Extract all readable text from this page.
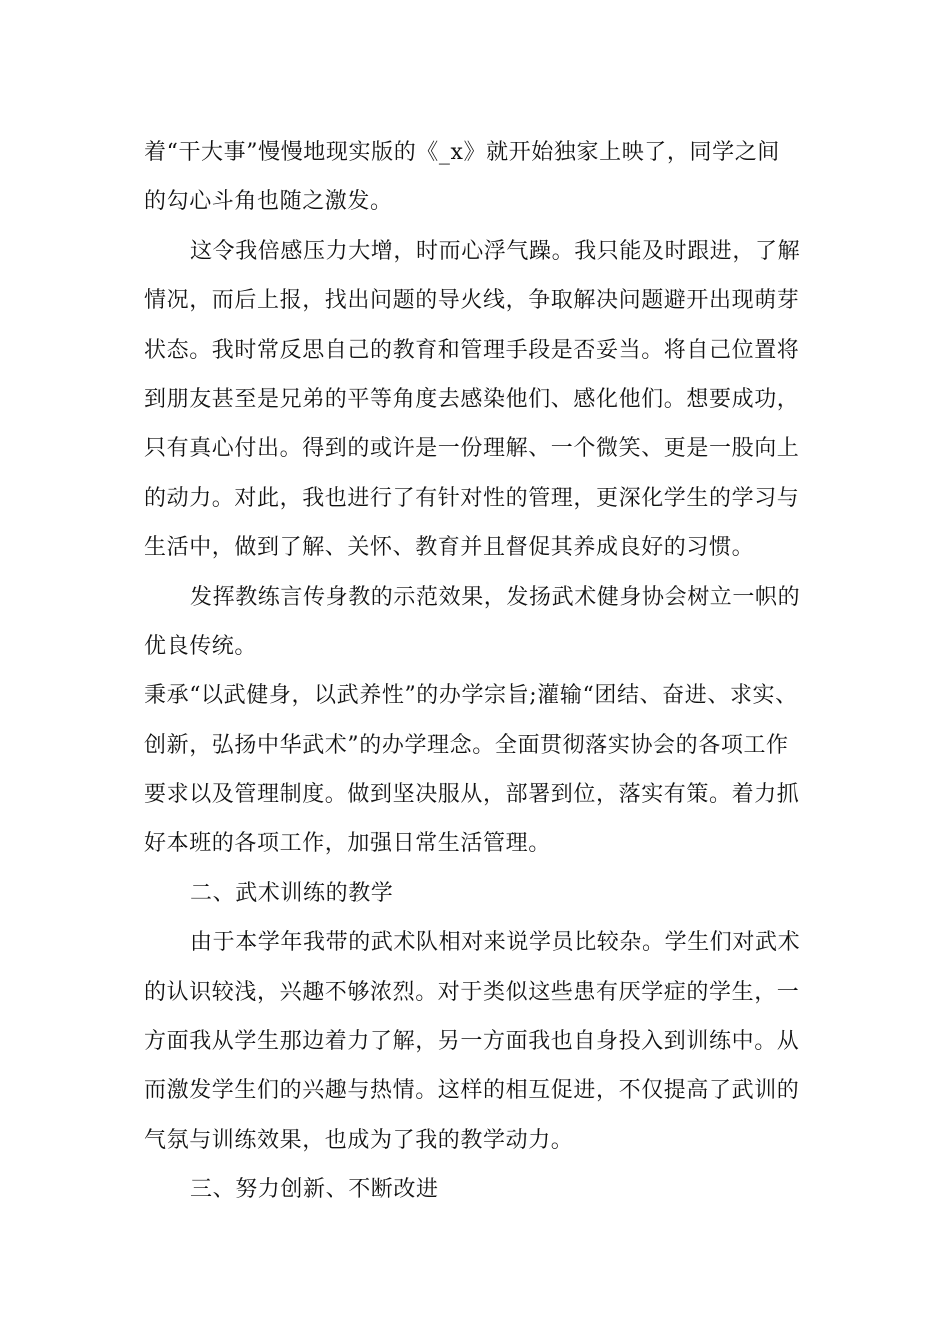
着“干大事”慢慢地现实版的《_x》就开始独家上映了，同学之间
的勾心斗角也随之激发。
这令我倍感压力大增，时而心浮气躁。我只能及时跟进，了解
情况，而后上报，找出问题的导火线，争取解决问题避开出现萌芽
状态。我时常反思自己的教育和管理手段是否妥当。将自己位置将
到朋友甚至是兄弟的平等角度去感染他们、感化他们。想要成功，
只有真心付出。得到的或许是一份理解、一个微笑、更是一股向上
的动力。对此，我也进行了有针对性的管理，更深化学生的学习与
生活中，做到了解、关怀、教育并且督促其养成良好的习惯。
发挥教练言传身教的示范效果，发扬武术健身协会树立一帜的
优良传统。
秉承“以武健身，以武养性”的办学宗旨;灌输“团结、奋进、求实、
创新，弘扬中华武术”的办学理念。全面贯彻落实协会的各项工作
要求以及管理制度。做到坚决服从，部署到位，落实有策。着力抓
好本班的各项工作，加强日常生活管理。
二、武术训练的教学
由于本学年我带的武术队相对来说学员比较杂。学生们对武术
的认识较浅，兴趣不够浓烈。对于类似这些患有厌学症的学生，一
方面我从学生那边着力了解，另一方面我也自身投入到训练中。从
而激发学生们的兴趣与热情。这样的相互促进，不仅提高了武训的
气氛与训练效果，也成为了我的教学动力。
三、努力创新、不断改进
